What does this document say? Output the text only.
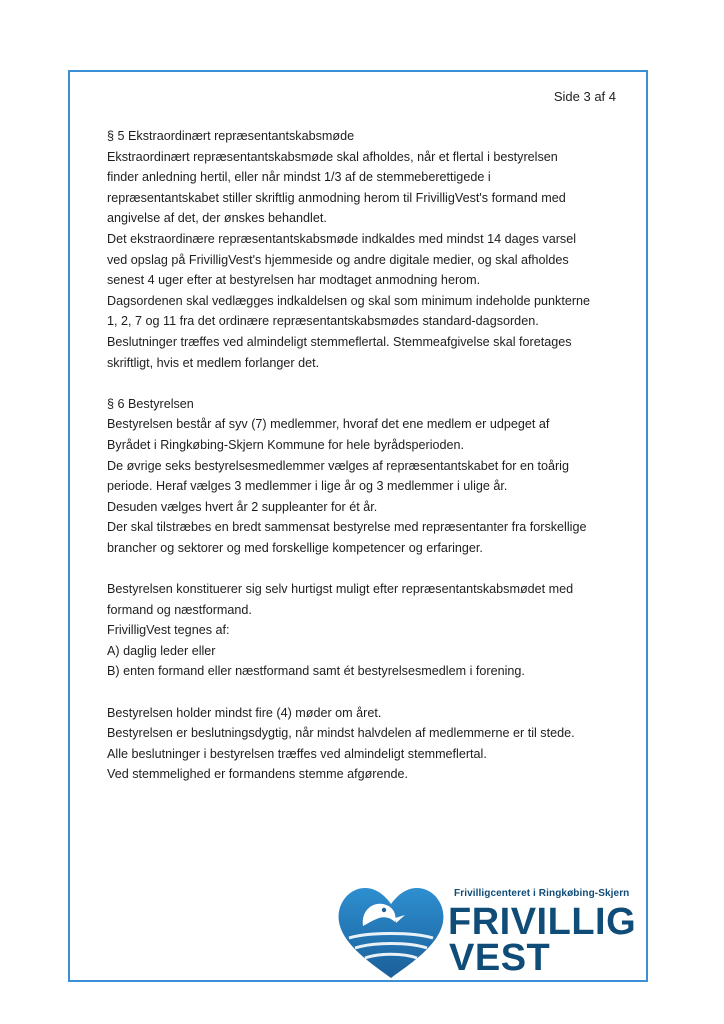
Side 3 af 4
§ 5 Ekstraordinært repræsentantskabsmøde
Ekstraordinært repræsentantskabsmøde skal afholdes, når et flertal i bestyrelsen
finder anledning hertil, eller når mindst 1/3 af de stemmeberettigede i
repræsentantskabet stiller skriftlig anmodning herom til FrivilligVest's formand med
angivelse af det, der ønskes behandlet.
Det ekstraordinære repræsentantskabsmøde indkaldes med mindst 14 dages varsel
ved opslag på FrivilligVest's hjemmeside og andre digitale medier, og skal afholdes
senest 4 uger efter at bestyrelsen har modtaget anmodning herom.
Dagsordenen skal vedlægges indkaldelsen og skal som minimum indeholde punkterne
1, 2, 7 og 11 fra det ordinære repræsentantskabsmødes standard-dagsorden.
Beslutninger træffes ved almindeligt stemmeflertal. Stemmeafgivelse skal foretages
skriftligt, hvis et medlem forlanger det.
§ 6 Bestyrelsen
Bestyrelsen består af syv (7) medlemmer, hvoraf det ene medlem er udpeget af
Byrådet i Ringkøbing-Skjern Kommune for hele byrådsperioden.
De øvrige seks bestyrelsesmedlemmer vælges af repræsentantskabet for en toårig
periode. Heraf vælges 3 medlemmer i lige år og 3 medlemmer i ulige år.
Desuden vælges hvert år 2 suppleanter for ét år.
Der skal tilstræbes en bredt sammensat bestyrelse med repræsentanter fra forskellige
brancher og sektorer og med forskellige kompetencer og erfaringer.
Bestyrelsen konstituerer sig selv hurtigst muligt efter repræsentantskabsmødet med
formand og næstformand.
FrivilligVest tegnes af:
A) daglig leder eller
B) enten formand eller næstformand samt ét bestyrelsesmedlem i forening.
Bestyrelsen holder mindst fire (4) møder om året.
Bestyrelsen er beslutningsdygtig, når mindst halvdelen af medlemmerne er til stede.
Alle beslutninger i bestyrelsen træffes ved almindeligt stemmeflertal.
Ved stemmelighed er formandens stemme afgørende.
Frivilligcenteret i Ringkøbing-Skjern
FRIVILLIG
VEST
